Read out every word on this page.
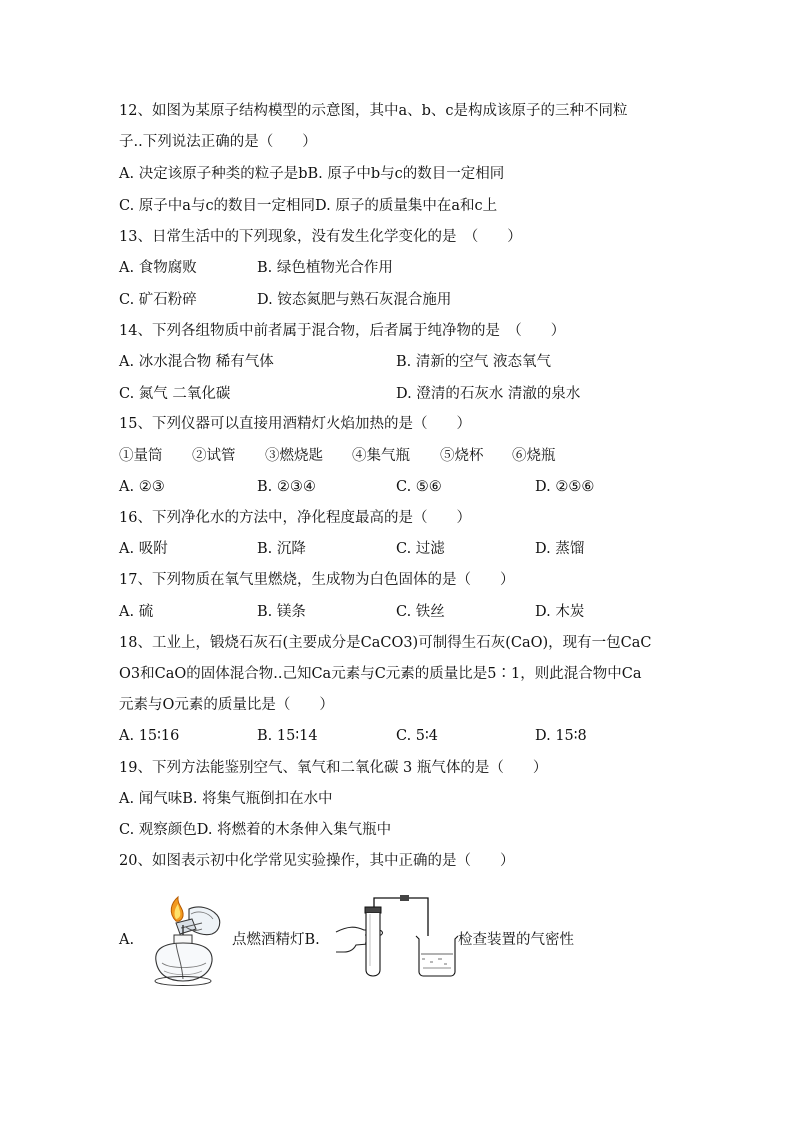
12、如图为某原子结构模型的示意图，其中a、b、c是构成该原子的三种不同粒
子..下列说法正确的是（　　）
A. 决定该原子种类的粒子是bB. 原子中b与c的数目一定相同
C. 原子中a与c的数目一定相同D. 原子的质量集中在a和c上
13、日常生活中的下列现象，没有发生化学变化的是　（　　）
A. 食物腐败	B. 绿色植物光合作用
C. 矿石粉碎	D. 铵态氮肥与熟石灰混合施用
14、下列各组物质中前者属于混合物，后者属于纯净物的是　（　　）
A. 冰水混合物 稀有气体	B. 清新的空气 液态氧气
C. 氮气 二氧化碳	D. 澄清的石灰水 清澈的泉水
15、下列仪器可以直接用酒精灯火焰加热的是（　　）
①量筒 ②试管 ③燃烧匙 ④集气瓶 ⑤烧杯 ⑥烧瓶
A. ②③	B. ②③④	C. ⑤⑥	D. ②⑤⑥
16、下列净化水的方法中，净化程度最高的是（　　）
A. 吸附	B. 沉降	C. 过滤	D. 蒸馏
17、下列物质在氧气里燃烧，生成物为白色固体的是（　　）
A. 硫	B. 镁条	C. 铁丝	D. 木炭
18、工业上，锻烧石灰石(主要成分是CaCO3)可制得生石灰(CaO)，现有一包CaC
O3和CaO的固体混合物..己知Ca元素与C元素的质量比是5∶1，则此混合物中Ca
元素与O元素的质量比是（　　）
A. 15∶16	B. 15∶14	C. 5∶4	D. 15∶8
19、下列方法能鉴别空气、氧气和二氧化碳 3 瓶气体的是（　　）
A. 闻气味B. 将集气瓶倒扣在水中
C. 观察颜色D. 将燃着的木条伸入集气瓶中
20、如图表示初中化学常见实验操作，其中正确的是（　　）
A.	点燃酒精灯B.	检查装置的气密性
